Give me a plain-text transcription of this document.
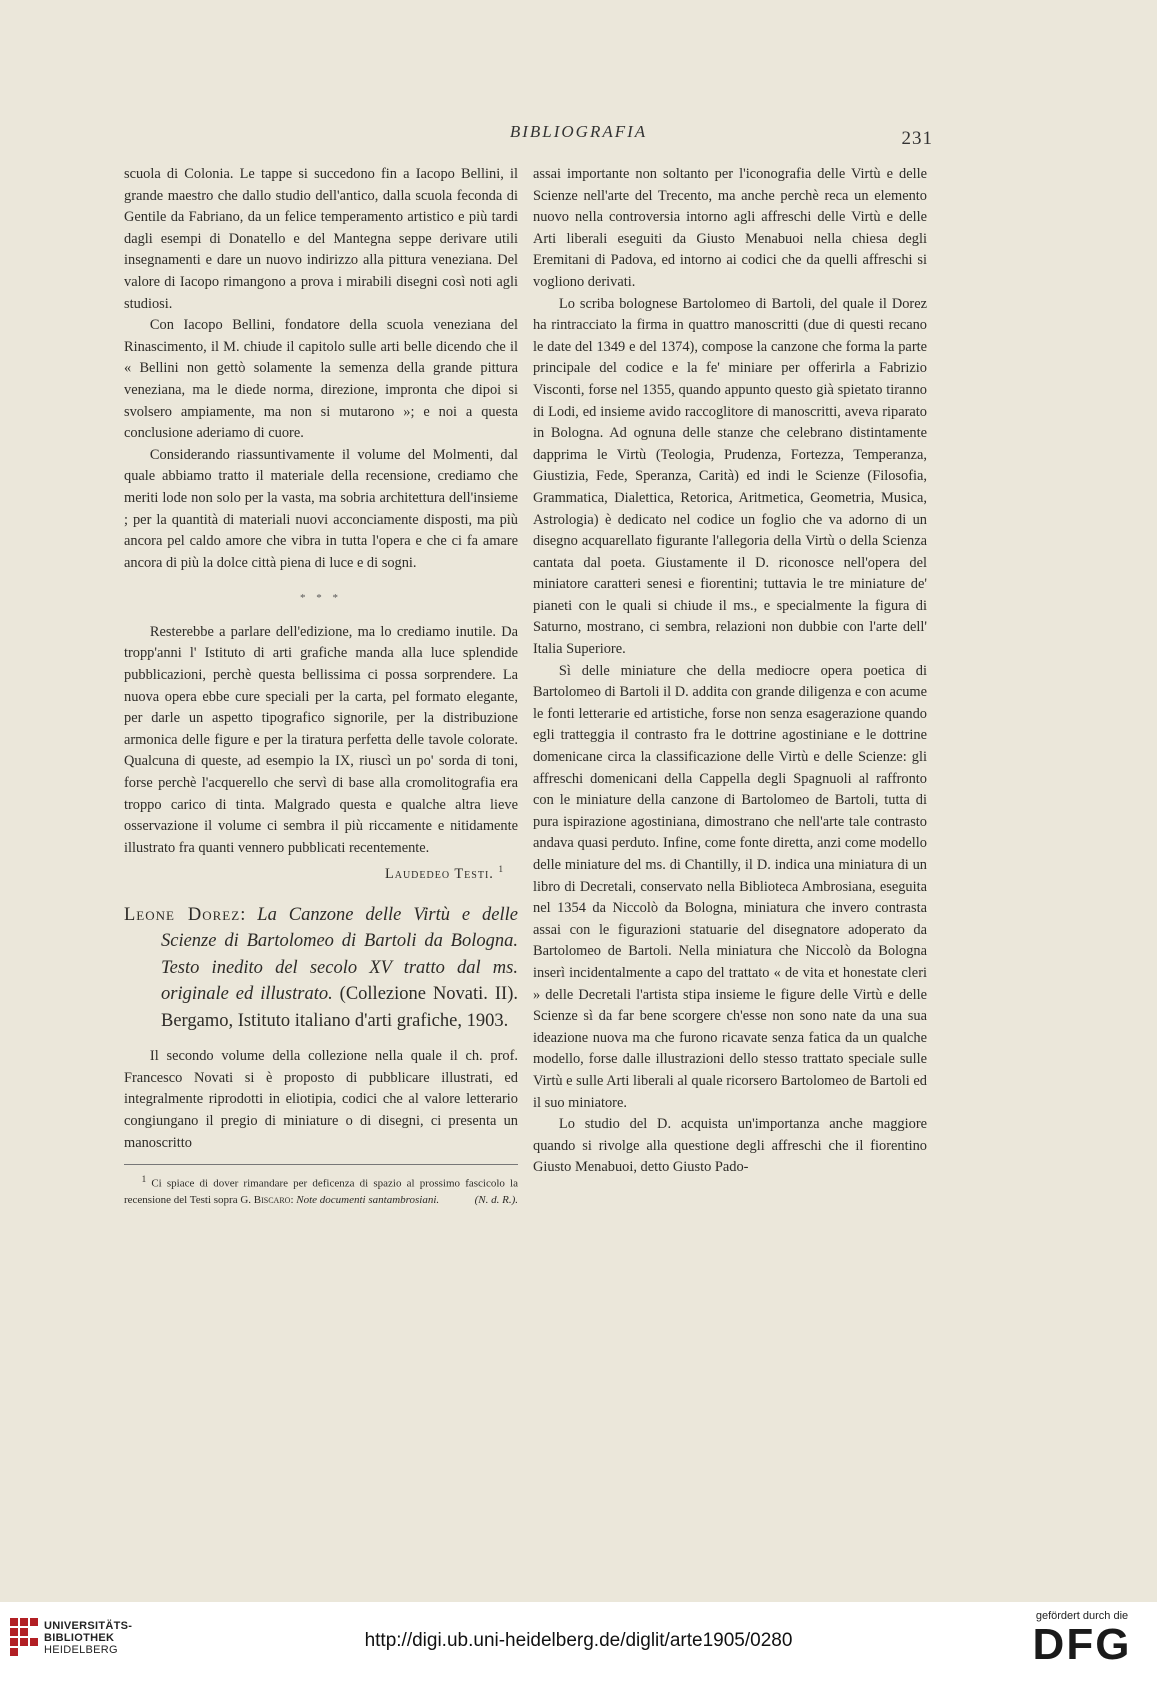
BIBLIOGRAFIA	231

scuola di Colonia. Le tappe si succedono fin a Iacopo Bellini, il grande maestro che dallo studio dell'antico, dalla scuola feconda di Gentile da Fabriano, da un felice temperamento artistico e più tardi dagli esempi di Donatello e del Mantegna seppe derivare utili insegnamenti e dare un nuovo indirizzo alla pittura veneziana. Del valore di Iacopo rimangono a prova i mirabili disegni così noti agli studiosi.

Con Iacopo Bellini, fondatore della scuola veneziana del Rinascimento, il M. chiude il capitolo sulle arti belle dicendo che il « Bellini non gettò solamente la semenza della grande pittura veneziana, ma le diede norma, direzione, impronta che dipoi si svolsero ampiamente, ma non si mutarono »; e noi a questa conclusione aderiamo di cuore.

Considerando riassuntivamente il volume del Molmenti, dal quale abbiamo tratto il materiale della recensione, crediamo che meriti lode non solo per la vasta, ma sobria architettura dell'insieme ; per la quantità di materiali nuovi acconciamente disposti, ma più ancora pel caldo amore che vibra in tutta l'opera e che ci fa amare ancora di più la dolce città piena di luce e di sogni.

* * *

Resterebbe a parlare dell'edizione, ma lo crediamo inutile. Da tropp'anni l' Istituto di arti grafiche manda alla luce splendide pubblicazioni, perchè questa bellissima ci possa sorprendere. La nuova opera ebbe cure speciali per la carta, pel formato elegante, per darle un aspetto tipografico signorile, per la distribuzione armonica delle figure e per la tiratura perfetta delle tavole colorate. Qualcuna di queste, ad esempio la IX, riuscì un po' sorda di toni, forse perchè l'acquerello che servì di base alla cromolitografia era troppo carico di tinta. Malgrado questa e qualche altra lieve osservazione il volume ci sembra il più riccamente e nitidamente illustrato fra quanti vennero pubblicati recentemente.

Laudedeo Testi. $^1$
Leone Dorez: La Canzone delle Virtù e delle Scienze di Bartolomeo di Bartoli da Bologna. Testo inedito del secolo XV tratto dal ms. originale ed illustrato. (Collezione Novati. II). Bergamo, Istituto italiano d'arti grafiche, 1903.

Il secondo volume della collezione nella quale il ch. prof. Francesco Novati si è proposto di pubblicare illustrati, ed integralmente riprodotti in eliotipia, codici che al valore letterario congiungano il pregio di miniature o di disegni, ci presenta un manoscritto

$^1$ Ci spiace di dover rimandare per deficenza di spazio al prossimo fascicolo la recensione del Testi sopra G. Biscaro: Note documenti santambrosiani.	(N. d. R.).

assai importante non soltanto per l'iconografia delle Virtù e delle Scienze nell'arte del Trecento, ma anche perchè reca un elemento nuovo nella controversia intorno agli affreschi delle Virtù e delle Arti liberali eseguiti da Giusto Menabuoi nella chiesa degli Eremitani di Padova, ed intorno ai codici che da quelli affreschi si vogliono derivati.

Lo scriba bolognese Bartolomeo di Bartoli, del quale il Dorez ha rintracciato la firma in quattro manoscritti (due di questi recano le date del 1349 e del 1374), compose la canzone che forma la parte principale del codice e la fe' miniare per offerirla a Fabrizio Visconti, forse nel 1355, quando appunto questo già spietato tiranno di Lodi, ed insieme avido raccoglitore di manoscritti, aveva riparato in Bologna. Ad ognuna delle stanze che celebrano distintamente dapprima le Virtù (Teologia, Prudenza, Fortezza, Temperanza, Giustizia, Fede, Speranza, Carità) ed indi le Scienze (Filosofia, Grammatica, Dialettica, Retorica, Aritmetica, Geometria, Musica, Astrologia) è dedicato nel codice un foglio che va adorno di un disegno acquarellato figurante l'allegoria della Virtù o della Scienza cantata dal poeta. Giustamente il D. riconosce nell'opera del miniatore caratteri senesi e fiorentini; tuttavia le tre miniature de' pianeti con le quali si chiude il ms., e specialmente la figura di Saturno, mostrano, ci sembra, relazioni non dubbie con l'arte dell' Italia Superiore.

Sì delle miniature che della mediocre opera poetica di Bartolomeo di Bartoli il D. addita con grande diligenza e con acume le fonti letterarie ed artistiche, forse non senza esagerazione quando egli tratteggia il contrasto fra le dottrine agostiniane e le dottrine domenicane circa la classificazione delle Virtù e delle Scienze: gli affreschi domenicani della Cappella degli Spagnuoli al raffronto con le miniature della canzone di Bartolomeo de Bartoli, tutta di pura ispirazione agostiniana, dimostrano che nell'arte tale contrasto andava quasi perduto. Infine, come fonte diretta, anzi come modello delle miniature del ms. di Chantilly, il D. indica una miniatura di un libro di Decretali, conservato nella Biblioteca Ambrosiana, eseguita nel 1354 da Niccolò da Bologna, miniatura che invero contrasta assai con le figurazioni statuarie del disegnatore adoperato da Bartolomeo de Bartoli. Nella miniatura che Niccolò da Bologna inserì incidentalmente a capo del trattato « de vita et honestate cleri » delle Decretali l'artista stipa insieme le figure delle Virtù e delle Scienze sì da far bene scorgere ch'esse non sono nate da una sua ideazione nuova ma che furono ricavate senza fatica da un qualche modello, forse dalle illustrazioni dello stesso trattato speciale sulle Virtù e sulle Arti liberali al quale ricorsero Bartolomeo de Bartoli ed il suo miniatore.

Lo studio del D. acquista un'importanza anche maggiore quando si rivolge alla questione degli affreschi che il fiorentino Giusto Menabuoi, detto Giusto Pado-

UNIVERSITÄTS-
BIBLIOTHEK
HEIDELBERG	http://digi.ub.uni-heidelberg.de/diglit/arte1905/0280
gefördert durch die
DFG
